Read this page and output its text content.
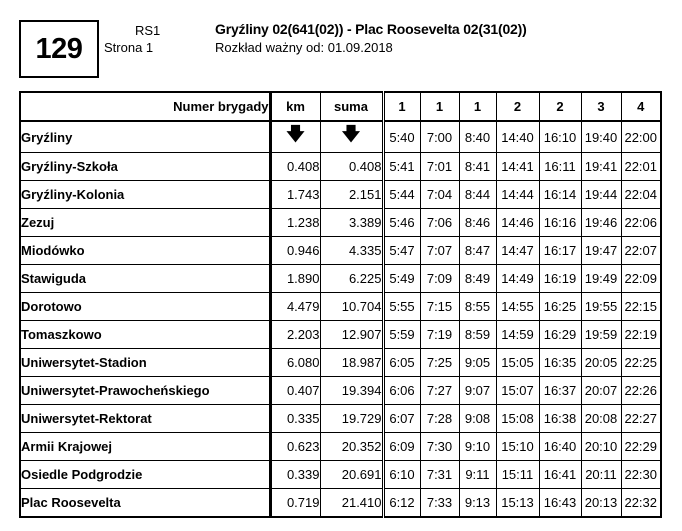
129
RS1
Strona 1
Gryźliny 02(641(02)) - Plac Roosevelta 02(31(02))
Rozkład ważny od: 01.09.2018
Numer brygady	km	suma	1	1	1	2	2	3	4
Gryźliny	🡇	🡇	5:40	7:00	8:40	14:40	16:10	19:40	22:00
Gryźliny-Szkoła	0.408	0.408	5:41	7:01	8:41	14:41	16:11	19:41	22:01
Gryźliny-Kolonia	1.743	2.151	5:44	7:04	8:44	14:44	16:14	19:44	22:04
Zezuj	1.238	3.389	5:46	7:06	8:46	14:46	16:16	19:46	22:06
Miodówko	0.946	4.335	5:47	7:07	8:47	14:47	16:17	19:47	22:07
Stawiguda	1.890	6.225	5:49	7:09	8:49	14:49	16:19	19:49	22:09
Dorotowo	4.479	10.704	5:55	7:15	8:55	14:55	16:25	19:55	22:15
Tomaszkowo	2.203	12.907	5:59	7:19	8:59	14:59	16:29	19:59	22:19
Uniwersytet-Stadion	6.080	18.987	6:05	7:25	9:05	15:05	16:35	20:05	22:25
Uniwersytet-Prawocheńskiego	0.407	19.394	6:06	7:27	9:07	15:07	16:37	20:07	22:26
Uniwersytet-Rektorat	0.335	19.729	6:07	7:28	9:08	15:08	16:38	20:08	22:27
Armii Krajowej	0.623	20.352	6:09	7:30	9:10	15:10	16:40	20:10	22:29
Osiedle Podgrodzie	0.339	20.691	6:10	7:31	9:11	15:11	16:41	20:11	22:30
Plac Roosevelta	0.719	21.410	6:12	7:33	9:13	15:13	16:43	20:13	22:32
